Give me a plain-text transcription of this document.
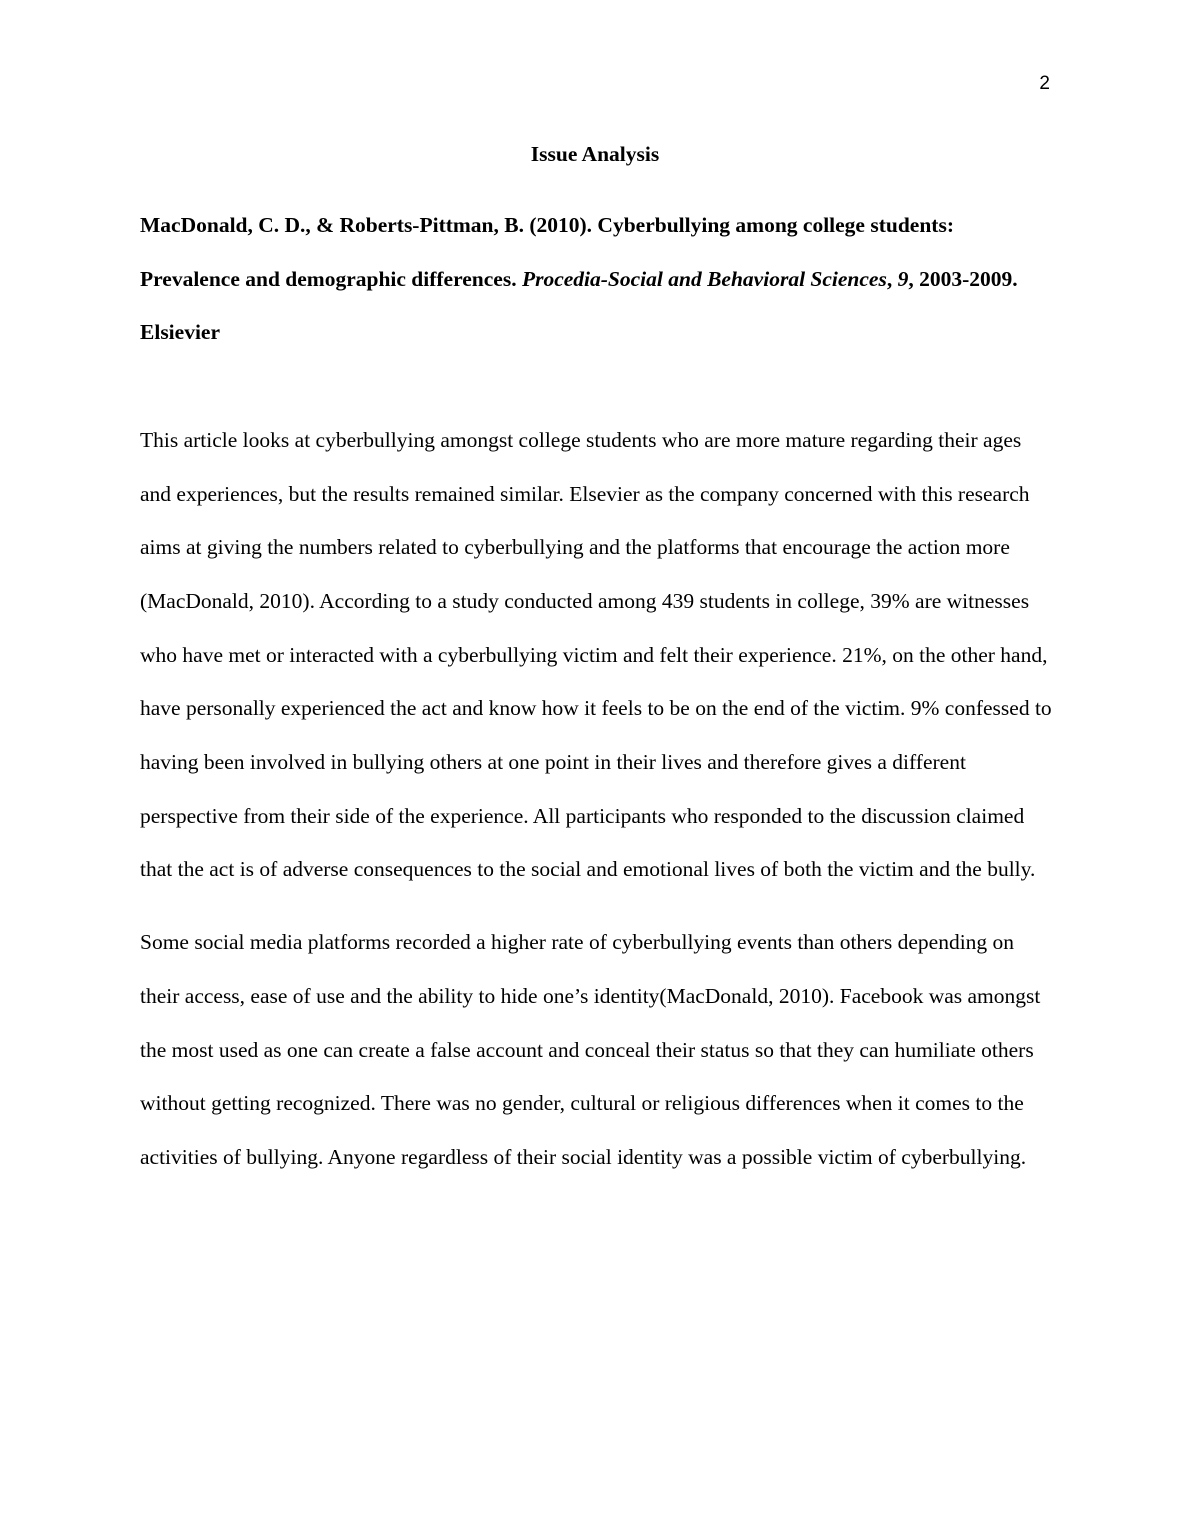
2
Issue Analysis

MacDonald, C. D., & Roberts-Pittman, B. (2010). Cyberbullying among college students: Prevalence and demographic differences. Procedia-Social and Behavioral Sciences, 9, 2003-2009. Elsievier

This article looks at cyberbullying amongst college students who are more mature regarding their ages and experiences, but the results remained similar. Elsevier as the company concerned with this research aims at giving the numbers related to cyberbullying and the platforms that encourage the action more (MacDonald, 2010). According to a study conducted among 439 students in college, 39% are witnesses who have met or interacted with a cyberbullying victim and felt their experience. 21%, on the other hand, have personally experienced the act and know how it feels to be on the end of the victim. 9% confessed to having been involved in bullying others at one point in their lives and therefore gives a different perspective from their side of the experience. All participants who responded to the discussion claimed that the act is of adverse consequences to the social and emotional lives of both the victim and the bully.

Some social media platforms recorded a higher rate of cyberbullying events than others depending on their access, ease of use and the ability to hide one’s identity(MacDonald, 2010). Facebook was amongst the most used as one can create a false account and conceal their status so that they can humiliate others without getting recognized. There was no gender, cultural or religious differences when it comes to the activities of bullying. Anyone regardless of their social identity was a possible victim of cyberbullying.
